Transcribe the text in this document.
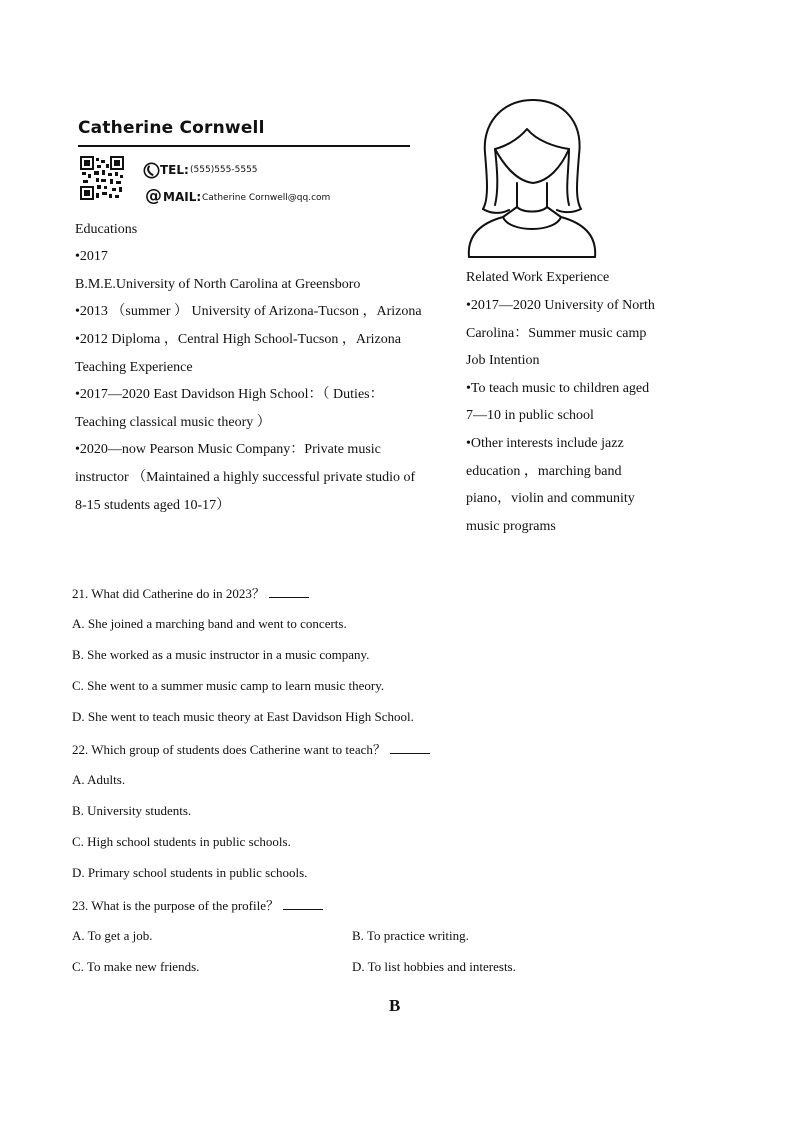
Catherine Cornwell
TEL: (555)555-5555
@ MAIL: Catherine Cornwell@qq.com
Educations
•2017
B.M.E.University of North Carolina at Greensboro
•2013 （summer ） University of Arizona-Tucson ，Arizona
•2012 Diploma ，Central High School-Tucson ，Arizona
Teaching Experience
•2017—2020 East Davidson High School：（ Duties：
Teaching classical music theory ）
•2020—now Pearson Music Company：Private music
instructor （Maintained a highly successful private studio of
8-15 students aged 10-17）
Related Work Experience
•2017—2020 University of North
Carolina：Summer music camp
Job Intention
•To teach music to children aged
7—10 in public school
•Other interests include jazz
education ，marching band
piano，violin and community
music programs
21. What did Catherine do in 2023？
A. She joined a marching band and went to concerts.
B. She worked as a music instructor in a music company.
C. She went to a summer music camp to learn music theory.
D. She went to teach music theory at East Davidson High School.
22. Which group of students does Catherine want to teach？
A. Adults.
B. University students.
C. High school students in public schools.
D. Primary school students in public schools.
23. What is the purpose of the profile？
A. To get a job.	B. To practice writing.
C. To make new friends.	D. To list hobbies and interests.
B
